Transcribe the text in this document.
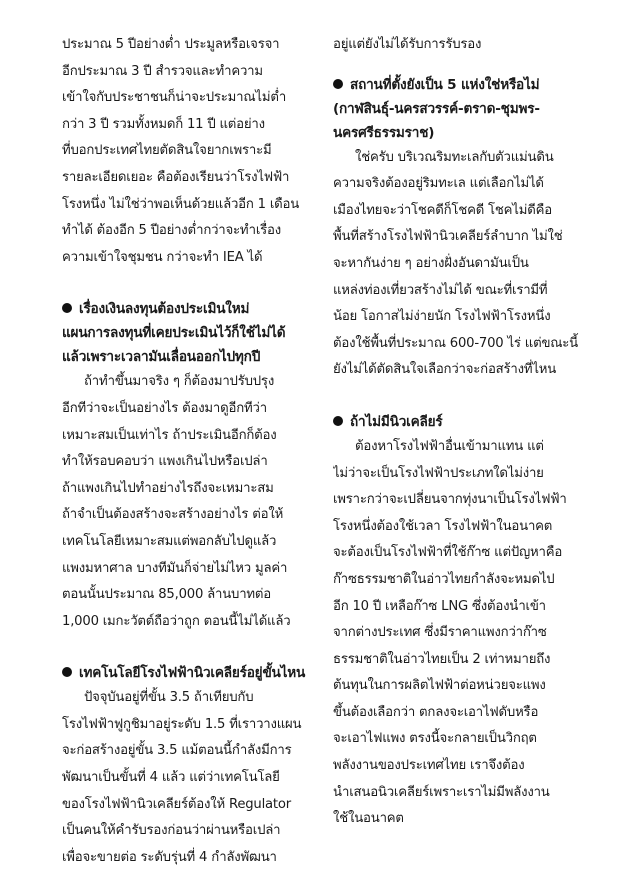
ประมาณ 5 ปีอย่างต่ำ ประมูลหรือเจรจา
อีกประมาณ 3 ปี สำรวจและทำความ
เข้าใจกับประชาชนก็น่าจะประมาณไม่ต่ำ
กว่า 3 ปี รวมทั้งหมดก็ 11 ปี แต่อย่าง
ที่บอกประเทศไทยตัดสินใจยากเพราะมี
รายละเอียดเยอะ คือต้องเรียนว่าโรงไฟฟ้า
โรงหนึ่ง ไม่ใช่ว่าพอเห็นด้วยแล้วอีก 1 เดือน
ทำได้ ต้องอีก 5 ปีอย่างต่ำกว่าจะทำเรื่อง
ความเข้าใจชุมชน กว่าจะทำ IEA ได้
เรื่องเงินลงทุนต้องประเมินใหม่
แผนการลงทุนที่เคยประเมินไว้ก็ใช้ไม่ได้
แล้วเพราะเวลามันเลื่อนออกไปทุกปี
ถ้าทำขึ้นมาจริง ๆ ก็ต้องมาปรับปรุง
อีกทีว่าจะเป็นอย่างไร ต้องมาดูอีกทีว่า
เหมาะสมเป็นเท่าไร ถ้าประเมินอีกก็ต้อง
ทำให้รอบคอบว่า แพงเกินไปหรือเปล่า
ถ้าแพงเกินไปทำอย่างไรถึงจะเหมาะสม
ถ้าจำเป็นต้องสร้างจะสร้างอย่างไร ต่อให้
เทคโนโลยีเหมาะสมแต่พอกลับไปดูแล้ว
แพงมหาศาล บางทีมันก็จ่ายไม่ไหว มูลค่า
ตอนนั้นประมาณ 85,000 ล้านบาทต่อ
1,000 เมกะวัตต์ถือว่าถูก ตอนนี้ไม่ได้แล้ว
เทคโนโลยีโรงไฟฟ้านิวเคลียร์อยู่ขั้นไหน
ปัจจุบันอยู่ที่ขั้น 3.5 ถ้าเทียบกับ
โรงไฟฟ้าฟูกูชิมาอยู่ระดับ 1.5 ที่เราวางแผน
จะก่อสร้างอยู่ขั้น 3.5 แม้ตอนนี้กำลังมีการ
พัฒนาเป็นขั้นที่ 4 แล้ว แต่ว่าเทคโนโลยี
ของโรงไฟฟ้านิวเคลียร์ต้องให้ Regulator
เป็นคนให้คำรับรองก่อนว่าผ่านหรือเปล่า
เพื่อจะขายต่อ ระดับรุ่นที่ 4 กำลังพัฒนา
อยู่แต่ยังไม่ได้รับการรับรอง
สถานที่ตั้งยังเป็น 5 แห่งใช่หรือไม่
(กาฬสินธุ์-นครสวรรค์-ตราด-ชุมพร-
นครศรีธรรมราช)
ใช่ครับ บริเวณริมทะเลกับตัวแม่นดิน
ความจริงต้องอยู่ริมทะเล แต่เลือกไม่ได้
เมืองไทยจะว่าโชคดีก็โชคดี โชคไม่ดีคือ
พื้นที่สร้างโรงไฟฟ้านิวเคลียร์ลำบาก ไม่ใช่
จะหากันง่าย ๆ อย่างฝั่งอันดามันเป็น
แหล่งท่องเที่ยวสร้างไม่ได้ ขณะที่เรามีที่
น้อย โอกาสไม่ง่ายนัก โรงไฟฟ้าโรงหนึ่ง
ต้องใช้พื้นที่ประมาณ 600-700 ไร่ แต่ขณะนี้
ยังไม่ได้ตัดสินใจเลือกว่าจะก่อสร้างที่ไหน
ถ้าไม่มีนิวเคลียร์
ต้องหาโรงไฟฟ้าอื่นเข้ามาแทน แต่
ไม่ว่าจะเป็นโรงไฟฟ้าประเภทใดไม่ง่าย
เพราะกว่าจะเปลี่ยนจากทุ่งนาเป็นโรงไฟฟ้า
โรงหนึ่งต้องใช้เวลา โรงไฟฟ้าในอนาคต
จะต้องเป็นโรงไฟฟ้าที่ใช้ก๊าซ แต่ปัญหาคือ
ก๊าซธรรมชาติในอ่าวไทยกำลังจะหมดไป
อีก 10 ปี เหลือก๊าซ LNG ซึ่งต้องนำเข้า
จากต่างประเทศ ซึ่งมีราคาแพงกว่าก๊าซ
ธรรมชาติในอ่าวไทยเป็น 2 เท่าหมายถึง
ต้นทุนในการผลิตไฟฟ้าต่อหน่วยจะแพง
ขึ้นต้องเลือกว่า ตกลงจะเอาไฟดับหรือ
จะเอาไฟแพง ตรงนี้จะกลายเป็นวิกฤต
พลังงานของประเทศไทย เราจึงต้อง
นำเสนอนิวเคลียร์เพราะเราไม่มีพลังงาน
ใช้ในอนาคต
